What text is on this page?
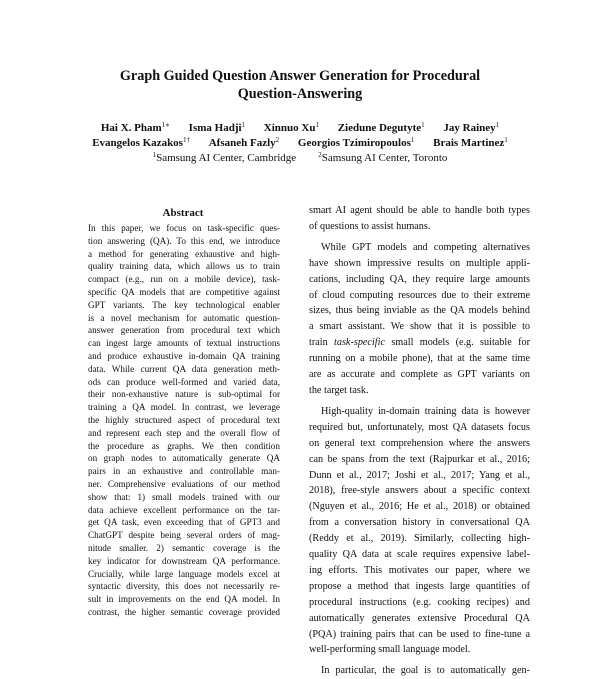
Graph Guided Question Answer Generation for Procedural
Question-Answering
Hai X. Pham$^{1∗}$ Isma Hadji$^1$ Xinnuo Xu$^1$ Ziedune Degutyte$^1$ Jay Rainey$^1$
Evangelos Kazakos$^{1\dagger}$ Afsaneh Fazly$^2$ Georgios Tzimiropoulos$^1$ Brais Martinez$^1$
$^1$Samsung AI Center, Cambridge	$^2$Samsung AI Center, Toronto
Abstract
In this paper, we focus on task-specific ques-
tion answering (QA). To this end, we introduce
a method for generating exhaustive and high-
quality training data, which allows us to train
compact (e.g., run on a mobile device), task-
specific QA models that are competitive against
GPT variants. The key technological enabler
is a novel mechanism for automatic question-
answer generation from procedural text which
can ingest large amounts of textual instructions
and produce exhaustive in-domain QA training
data. While current QA data generation meth-
ods can produce well-formed and varied data,
their non-exhaustive nature is sub-optimal for
training a QA model. In contrast, we leverage
the highly structured aspect of procedural text
and represent each step and the overall flow of
the procedure as graphs. We then condition
on graph nodes to automatically generate QA
pairs in an exhaustive and controllable man-
ner. Comprehensive evaluations of our method
show that: 1) small models trained with our
data achieve excellent performance on the tar-
get QA task, even exceeding that of GPT3 and
ChatGPT despite being several orders of mag-
nitude smaller. 2) semantic coverage is the
key indicator for downstream QA performance.
Crucially, while large language models excel at
syntactic diversity, this does not necessarily re-
sult in improvements on the end QA model. In
contrast, the higher semantic coverage provided
smart AI agent should be able to handle both types
of questions to assist humans.
While GPT models and competing alternatives
have shown impressive results on multiple appli-
cations, including QA, they require large amounts
of cloud computing resources due to their extreme
sizes, thus being inviable as the QA models behind
a smart assistant. We show that it is possible to
train task-specific small models (e.g. suitable for
running on a mobile phone), that at the same time
are as accurate and complete as GPT variants on
the target task.
High-quality in-domain training data is however
required but, unfortunately, most QA datasets focus
on general text comprehension where the answers
can be spans from the text (Rajpurkar et al., 2016;
Dunn et al., 2017; Joshi et al., 2017; Yang et al.,
2018), free-style answers about a specific context
(Nguyen et al., 2016; He et al., 2018) or obtained
from a conversation history in conversational QA
(Reddy et al., 2019). Similarly, collecting high-
quality QA data at scale requires expensive label-
ing efforts. This motivates our paper, where we
propose a method that ingests large quantities of
procedural instructions (e.g. cooking recipes) and
automatically generates extensive Procedural QA
(PQA) training pairs that can be used to fine-tune a
well-performing small language model.
In particular, the goal is to automatically gen-
